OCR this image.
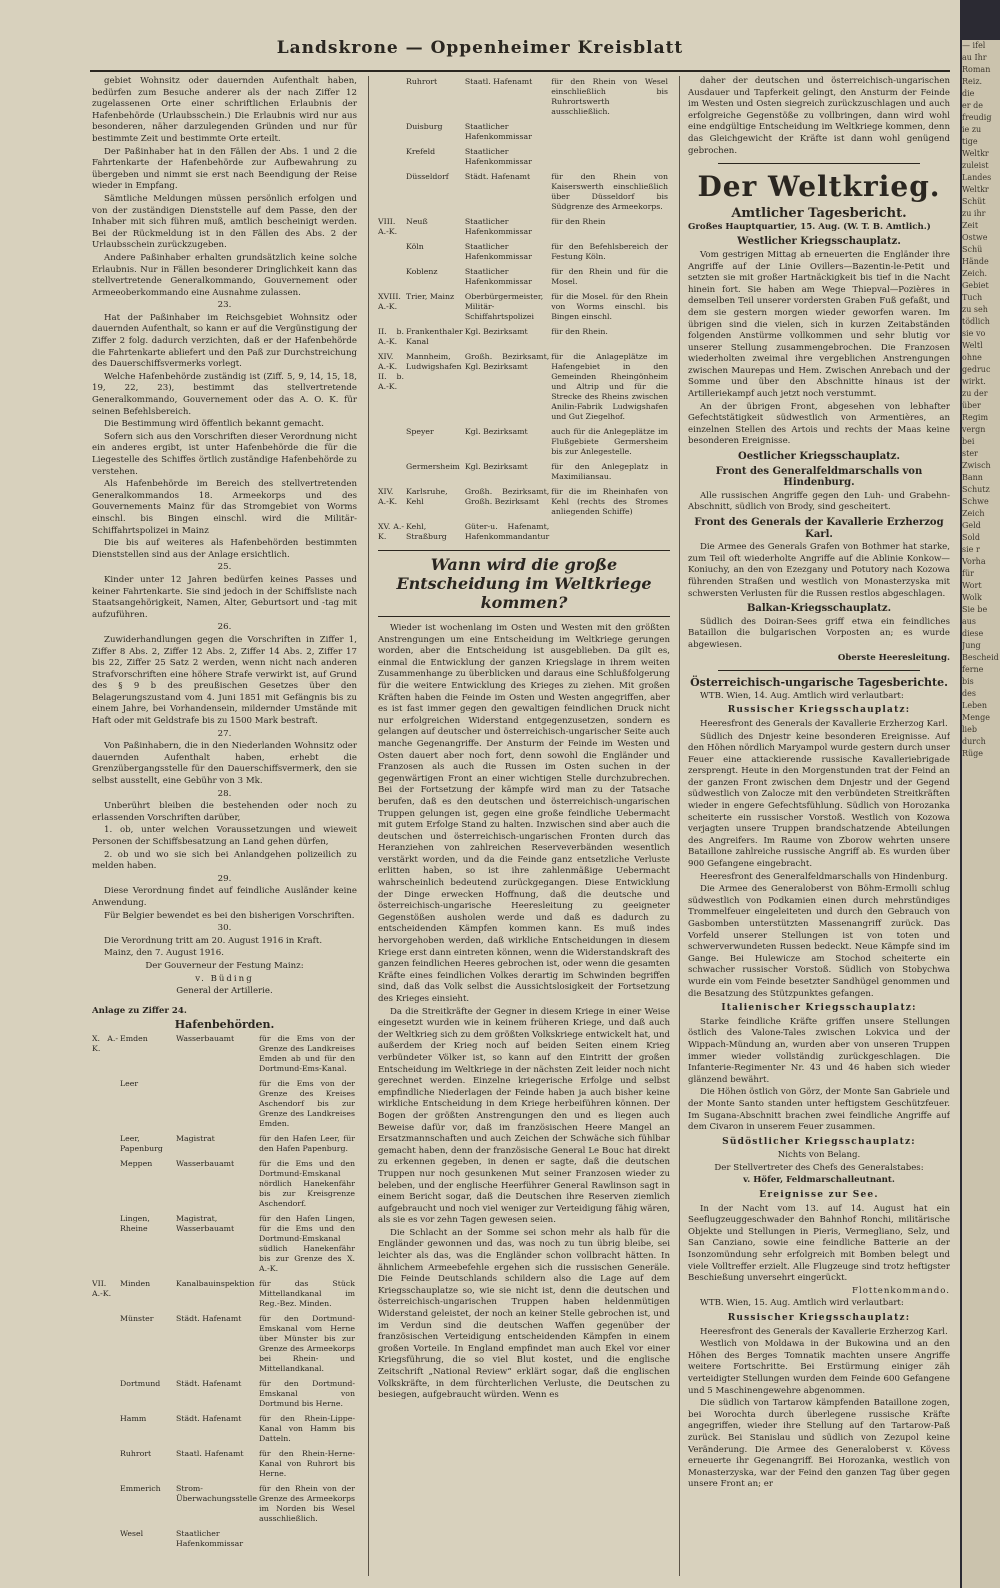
Landskrone — Oppenheimer Kreisblatt

gebiet Wohnsitz oder dauernden Aufenthalt haben, bedürfen zum Besuche anderer als der nach Ziffer 12 zugelassenen Orte einer schriftlichen Erlaubnis der Hafenbehörde (Urlaubsschein.) Die Erlaubnis wird nur aus besonderen, näher darzulegenden Gründen und nur für bestimmte Zeit und bestimmte Orte erteilt.

Der Paßinhaber hat in den Fällen der Abs. 1 und 2 die Fahrtenkarte der Hafenbehörde zur Aufbewahrung zu übergeben und nimmt sie erst nach Beendigung der Reise wieder in Empfang.

Sämtliche Meldungen müssen persönlich erfolgen und von der zuständigen Dienststelle auf dem Passe, den der Inhaber mit sich führen muß, amtlich bescheinigt werden. Bei der Rückmeldung ist in den Fällen des Abs. 2 der Urlaubsschein zurückzugeben.

Andere Paßinhaber erhalten grundsätzlich keine solche Erlaubnis. Nur in Fällen besonderer Dringlichkeit kann das stellvertretende Generalkommando, Gouvernement oder Armeeoberkommando eine Ausnahme zulassen.

23.

Hat der Paßinhaber im Reichsgebiet Wohnsitz oder dauernden Aufenthalt, so kann er auf die Vergünstigung der Ziffer 2 folg. dadurch verzichten, daß er der Hafenbehörde die Fahrtenkarte abliefert und den Paß zur Durchstreichung des Dauerschiffsvermerks vorlegt.

Welche Hafenbehörde zuständig ist (Ziff. 5, 9, 14, 15, 18, 19, 22, 23), bestimmt das stellvertretende Generalkommando, Gouvernement oder das A. O. K. für seinen Befehlsbereich.

Die Bestimmung wird öffentlich bekannt gemacht.

Sofern sich aus den Vorschriften dieser Verordnung nicht ein anderes ergibt, ist unter Hafenbehörde die für die Liegestelle des Schiffes örtlich zuständige Hafenbehörde zu verstehen.

Als Hafenbehörde im Bereich des stellvertretenden Generalkommandos 18. Armeekorps und des Gouvernements Mainz für das Stromgebiet von Worms einschl. bis Bingen einschl. wird die Militär-Schiffahrtspolizei in Mainz

Die bis auf weiteres als Hafenbehörden bestimmten Dienststellen sind aus der Anlage ersichtlich.

25.

Kinder unter 12 Jahren bedürfen keines Passes und keiner Fahrtenkarte. Sie sind jedoch in der Schiffsliste nach Staatsangehörigkeit, Namen, Alter, Geburtsort und -tag mit aufzuführen.

26.

Zuwiderhandlungen gegen die Vorschriften in Ziffer 1, Ziffer 8 Abs. 2, Ziffer 12 Abs. 2, Ziffer 14 Abs. 2, Ziffer 17 bis 22, Ziffer 25 Satz 2 werden, wenn nicht nach anderen Strafvorschriften eine höhere Strafe verwirkt ist, auf Grund des § 9 b des preußischen Gesetzes über den Belagerungszustand vom 4. Juni 1851 mit Gefängnis bis zu einem Jahre, bei Vorhandensein, mildernder Umstände mit Haft oder mit Geldstrafe bis zu 1500 Mark bestraft.

27.

Von Paßinhabern, die in den Niederlanden Wohnsitz oder dauernden Aufenthalt haben, erhebt die Grenzübergangsstelle für den Dauerschiffsvermerk, den sie selbst ausstellt, eine Gebühr von 3 Mk.

28.

Unberührt bleiben die bestehenden oder noch zu erlassenden Vorschriften darüber,

1. ob, unter welchen Voraussetzungen und wieweit Personen der Schiffsbesatzung an Land gehen dürfen,

2. ob und wo sie sich bei Anlandgehen polizeilich zu melden haben.

29.

Diese Verordnung findet auf feindliche Ausländer keine Anwendung.

Für Belgier bewendet es bei den bisherigen Vorschriften.

30.

Die Verordnung tritt am 20. August 1916 in Kraft.

Mainz, den 7. August 1916.

Der Gouverneur der Festung Mainz:

v. Büding

General der Artillerie.

Anlage zu Ziffer 24.

Hafenbehörden.
X. A.-K.	Emden	Wasserbauamt	für die Ems von der Grenze des Landkreises Emden ab und für den Dortmund-Ems-Kanal.
	Leer		für die Ems von der Grenze des Kreises Aschendorf bis zur Grenze des Landkreises Emden.
	Leer, Papenburg	Magistrat	für den Hafen Leer, für den Hafen Papenburg.
	Meppen	Wasserbauamt	für die Ems und den Dortmund-Emskanal nördlich Hanekenfähr bis zur Kreisgrenze Aschendorf.
	Lingen, Rheine	Magistrat, Wasserbauamt	für den Hafen Lingen, für die Ems und den Dortmund-Emskanal südlich Hanekenfähr bis zur Grenze des X. A.-K.
VII. A.-K.	Minden	Kanalbauinspektion	für das Stück Mittellandkanal im Reg.-Bez. Minden.
	Münster	Städt. Hafenamt	für den Dortmund-Emskanal vom Herne über Münster bis zur Grenze des Armeekorps bei Rhein- und Mittellandkanal.
	Dortmund	Städt. Hafenamt	für den Dortmund-Emskanal von Dortmund bis Herne.
	Hamm	Städt. Hafenamt	für den Rhein-Lippe-Kanal von Hamm bis Datteln.
	Ruhrort	Staatl. Hafenamt	für den Rhein-Herne-Kanal von Ruhrort bis Herne.
	Emmerich	Strom-Überwachungsstelle	für den Rhein von der Grenze des Armeekorps im Norden bis Wesel ausschließlich.
	Wesel	Staatlicher Hafenkommissar	
	Ruhrort	Staatl. Hafenamt	für den Rhein von Wesel einschließlich bis Ruhrortswerth ausschließlich.
	Duisburg	Staatlicher Hafenkommissar	
	Krefeld	Staatlicher Hafenkommissar	
	Düsseldorf	Städt. Hafenamt	für den Rhein von Kaiserswerth einschließlich über Düsseldorf bis Südgrenze des Armeekorps.
VIII. A.-K.	Neuß	Staatlicher Hafenkommissar	für den Rhein
	Köln	Staatlicher Hafenkommissar	für den Befehlsbereich der Festung Köln.
	Koblenz	Staatlicher Hafenkommissar	für den Rhein und für die Mosel.
XVIII. A.-K.	Trier, Mainz	Oberbürgermeister, Militär-Schiffahrtspolizei	für die Mosel. für den Rhein von Worms einschl. bis Bingen einschl.
II. b. A.-K.	Frankenthaler Kanal	Kgl. Bezirksamt	für den Rhein.
XIV. A.-K. II. b. A.-K.	Mannheim, Ludwigshafen	Großh. Bezirksamt, Kgl. Bezirksamt	für die Anlageplätze im Hafengebiet in den Gemeinden Rheingönheim und Altrip und für die Strecke des Rheins zwischen Anilin-Fabrik Ludwigshafen und Gut Ziegelhof.
	Speyer	Kgl. Bezirksamt	auch für die Anlegeplätze im Flußgebiete Germersheim bis zur Anlegestelle.
	Germersheim	Kgl. Bezirksamt	für den Anlegeplatz in Maximiliansau.
XIV. A.-K.	Karlsruhe, Kehl	Großh. Bezirksamt, Großh. Bezirksamt	für die im Rheinhafen von Kehl (rechts des Stromes anliegenden Schiffe)
XV. A.-K.	Kehl, Straßburg	Güter-u. Hafenamt, Hafenkommandantur	
Wann wird die große Entscheidung im Weltkriege kommen?

Wieder ist wochenlang im Osten und Westen mit den größten Anstrengungen um eine Entscheidung im Weltkriege gerungen worden, aber die Entscheidung ist ausgeblieben. Da gilt es, einmal die Entwicklung der ganzen Kriegslage in ihrem weiten Zusammenhange zu überblicken und daraus eine Schlußfolgerung für die weitere Entwicklung des Krieges zu ziehen. Mit großen Kräften haben die Feinde im Osten und Westen angegriffen, aber es ist fast immer gegen den gewaltigen feindlichen Druck nicht nur erfolgreichen Widerstand entgegenzusetzen, sondern es gelangen auf deutscher und österreichisch-ungarischer Seite auch manche Gegenangriffe. Der Ansturm der Feinde im Westen und Osten dauert aber noch fort, denn sowohl die Engländer und Franzosen als auch die Russen im Osten suchen in der gegenwärtigen Front an einer wichtigen Stelle durchzubrechen. Bei der Fortsetzung der kämpfe wird man zu der Tatsache berufen, daß es den deutschen und österreichisch-ungarischen Truppen gelungen ist, gegen eine große feindliche Uebermacht mit gutem Erfolge Stand zu halten. Inzwischen sind aber auch die deutschen und österreichisch-ungarischen Fronten durch das Heranziehen von zahlreichen Reserveverbänden wesentlich verstärkt worden, und da die Feinde ganz entsetzliche Verluste erlitten haben, so ist ihre zahlenmäßige Uebermacht wahrscheinlich bedeutend zurückgegangen. Diese Entwicklung der Dinge erwecken Hoffnung, daß die deutsche und österreichisch-ungarische Heeresleitung zu geeigneter Gegenstößen ausholen werde und daß es dadurch zu entscheidenden Kämpfen kommen kann. Es muß indes hervorgehoben werden, daß wirkliche Entscheidungen in diesem Kriege erst dann eintreten können, wenn die Widerstandskraft des ganzen feindlichen Heeres gebrochen ist, oder wenn die gesamten Kräfte eines feindlichen Volkes derartig im Schwinden begriffen sind, daß das Volk selbst die Aussichtslosigkeit der Fortsetzung des Krieges einsieht.

Da die Streitkräfte der Gegner in diesem Kriege in einer Weise eingesetzt wurden wie in keinem früheren Kriege, und daß auch der Weltkrieg sich zu dem größten Volkskriege entwickelt hat, und außerdem der Krieg noch auf beiden Seiten einem Krieg verbündeter Völker ist, so kann auf den Eintritt der großen Entscheidung im Weltkriege in der nächsten Zeit leider noch nicht gerechnet werden. Einzelne kriegerische Erfolge und selbst empfindliche Niederlagen der Feinde haben ja auch bisher keine wirkliche Entscheidung in dem Kriege herbeiführen können. Der Bogen der größten Anstrengungen den und es liegen auch Beweise dafür vor, daß im französischen Heere Mangel an Ersatzmannschaften und auch Zeichen der Schwäche sich fühlbar gemacht haben, denn der französische General Le Bouc hat direkt zu erkennen gegeben, in denen er sagte, daß die deutschen Truppen nur noch gesunkenen Mut seiner Franzosen wieder zu beleben, und der englische Heerführer General Rawlinson sagt in einem Bericht sogar, daß die Deutschen ihre Reserven ziemlich aufgebraucht und noch viel weniger zur Verteidigung fähig wären, als sie es vor zehn Tagen gewesen seien.

Die Schlacht an der Somme sei schon mehr als halb für die Engländer gewonnen und das, was noch zu tun übrig bleibe, sei leichter als das, was die Engländer schon vollbracht hätten. In ähnlichem Armeebefehle ergehen sich die russischen Generäle. Die Feinde Deutschlands schildern also die Lage auf dem Kriegsschauplatze so, wie sie nicht ist, denn die deutschen und österreichisch-ungarischen Truppen haben heldenmütigen Widerstand geleistet, der noch an keiner Stelle gebrochen ist, und im Verdun sind die deutschen Waffen gegenüber der französischen Verteidigung entscheidenden Kämpfen in einem großen Vorteile. In England empfindet man auch Ekel vor einer Kriegsführung, die so viel Blut kostet, und die englische Zeitschrift „National Review“ erklärt sogar, daß die englischen Volkskräfte, in dem fürchterlichen Verluste, die Deutschen zu besiegen, aufgebraucht würden. Wenn es

daher der deutschen und österreichisch-ungarischen Ausdauer und Tapferkeit gelingt, den Ansturm der Feinde im Westen und Osten siegreich zurückzuschlagen und auch erfolgreiche Gegenstöße zu vollbringen, dann wird wohl eine endgültige Entscheidung im Weltkriege kommen, denn das Gleichgewicht der Kräfte ist dann wohl genügend gebrochen.

Der Weltkrieg.
Amtlicher Tagesbericht.

Großes Hauptquartier, 15. Aug. (W. T. B. Amtlich.)

Westlicher Kriegsschauplatz.

Vom gestrigen Mittag ab erneuerten die Engländer ihre Angriffe auf der Linie Ovillers—Bazentin-le-Petit und setzten sie mit großer Hartnäckigkeit bis tief in die Nacht hinein fort. Sie haben am Wege Thiepval—Pozières in demselben Teil unserer vordersten Graben Fuß gefaßt, und dem sie gestern morgen wieder geworfen waren. Im übrigen sind die vielen, sich in kurzen Zeitabständen folgenden Anstürme vollkommen und sehr blutig vor unserer Stellung zusammengebrochen. Die Franzosen wiederholten zweimal ihre vergeblichen Anstrengungen zwischen Maurepas und Hem. Zwischen Anrebach und der Somme und über den Abschnitte hinaus ist der Artilleriekampf auch jetzt noch verstummt.

An der übrigen Front, abgesehen von lebhafter Gefechtstätigkeit südwestlich von Armentières, an einzelnen Stellen des Artois und rechts der Maas keine besonderen Ereignisse.

Oestlicher Kriegsschauplatz.
Front des Generalfeldmarschalls von Hindenburg.

Alle russischen Angriffe gegen den Luh- und Grabehn-Abschnitt, südlich von Brody, sind gescheitert.

Front des Generals der Kavallerie Erzherzog Karl.

Die Armee des Generals Grafen von Bothmer hat starke, zum Teil oft wiederholte Angriffe auf die Ablinie Konkow—Koniuchy, an den von Ezezgany und Potutory nach Kozowa führenden Straßen und westlich von Monasterzyska mit schwersten Verlusten für die Russen restlos abgeschlagen.

Balkan-Kriegsschauplatz.

Südlich des Doiran-Sees griff etwa ein feindliches Bataillon die bulgarischen Vorposten an; es wurde abgewiesen.

Oberste Heeresleitung.

Österreichisch-ungarische Tagesberichte.

WTB. Wien, 14. Aug. Amtlich wird verlautbart:

Russischer Kriegsschauplatz:

Heeresfront des Generals der Kavallerie Erzherzog Karl.

Südlich des Dnjestr keine besonderen Ereignisse. Auf den Höhen nördlich Maryampol wurde gestern durch unser Feuer eine attackierende russische Kavalleriebrigade zersprengt. Heute in den Morgenstunden trat der Feind an der ganzen Front zwischen dem Dnjestr und der Gegend südwestlich von Zalocze mit den verbündeten Streitkräften wieder in engere Gefechtsfühlung. Südlich von Horozanka scheiterte ein russischer Vorstoß. Westlich von Kozowa verjagten unsere Truppen brandschatzende Abteilungen des Angreifers. Im Raume von Zborow wehrten unsere Bataillone zahlreiche russische Angriff ab. Es wurden über 900 Gefangene eingebracht.

Heeresfront des Generalfeldmarschalls von Hindenburg.

Die Armee des Generaloberst von Böhm-Ermolli schlug südwestlich von Podkamien einen durch mehrstündiges Trommelfeuer eingeleiteten und durch den Gebrauch von Gasbomben unterstützten Massenangriff zurück. Das Vorfeld unserer Stellungen ist von toten und schwerverwundeten Russen bedeckt. Neue Kämpfe sind im Gange. Bei Hulewicze am Stochod scheiterte ein schwacher russischer Vorstoß. Südlich von Stobychwa wurde ein vom Feinde besetzter Sandhügel genommen und die Besatzung des Stützpunktes gefangen.

Italienischer Kriegsschauplatz:

Starke feindliche Kräfte griffen unsere Stellungen östlich des Valone-Tales zwischen Lokvica und der Wippach-Mündung an, wurden aber von unseren Truppen immer wieder vollständig zurückgeschlagen. Die Infanterie-Regimenter Nr. 43 und 46 haben sich wieder glänzend bewährt.

Die Höhen östlich von Görz, der Monte San Gabriele und der Monte Santo standen unter heftigstem Geschützfeuer. Im Sugana-Abschnitt brachen zwei feindliche Angriffe auf dem Civaron in unserem Feuer zusammen.

Südöstlicher Kriegsschauplatz:

Nichts von Belang.

Der Stellvertreter des Chefs des Generalstabes:

v. Höfer, Feldmarschalleutnant.

Ereignisse zur See.

In der Nacht vom 13. auf 14. August hat ein Seeflugzeuggeschwader den Bahnhof Ronchi, militärische Objekte und Stellungen in Pieris, Vermegliano, Selz, und San Canziano, sowie eine feindliche Batterie an der Isonzomündung sehr erfolgreich mit Bomben belegt und viele Volltreffer erzielt. Alle Flugzeuge sind trotz heftigster Beschießung unversehrt eingerückt.

Flottenkommando.

WTB. Wien, 15. Aug. Amtlich wird verlautbart:

Russischer Kriegsschauplatz:

Heeresfront des Generals der Kavallerie Erzherzog Karl.

Westlich von Moldawa in der Bukowina und an den Höhen des Berges Tomnatik machten unsere Angriffe weitere Fortschritte. Bei Erstürmung einiger zäh verteidigter Stellungen wurden dem Feinde 600 Gefangene und 5 Maschinengewehre abgenommen.

Die südlich von Tartarow kämpfenden Bataillone zogen, bei Worochta durch überlegene russische Kräfte angegriffen, wieder ihre Stellung auf den Tartarow-Paß zurück. Bei Stanislau und südlich von Zezupol keine Veränderung. Die Armee des Generaloberst v. Kövess erneuerte ihr Gegenangriff. Bei Horozanka, westlich von Monasterzyska, war der Feind den ganzen Tag über gegen unsere Front an; er

— ifel
au Ihr
Roman
Reiz.
die
er de
freudig
ie zu
tige
Weltkr
zuleist
Landes
Weltkr
Schüt
zu ihr
Zeit
Ostwe
Schü
Hände
Zeich.
Gebiet
Tuch
zu seh
tödlich
sie vo
Weltl
ohne
gedruc
wirkt.
zu der
über
Regim
vergn
bei
ster
Zwisch
Bann
Schutz
Schwe
Zeich
Geld
Sold
sie r
Vorha
für
Wort
Wolk
Sie be
aus
diese
Jung
Bescheid
ferne
bis
des
Leben
Menge
lieb
durch
Rüge
